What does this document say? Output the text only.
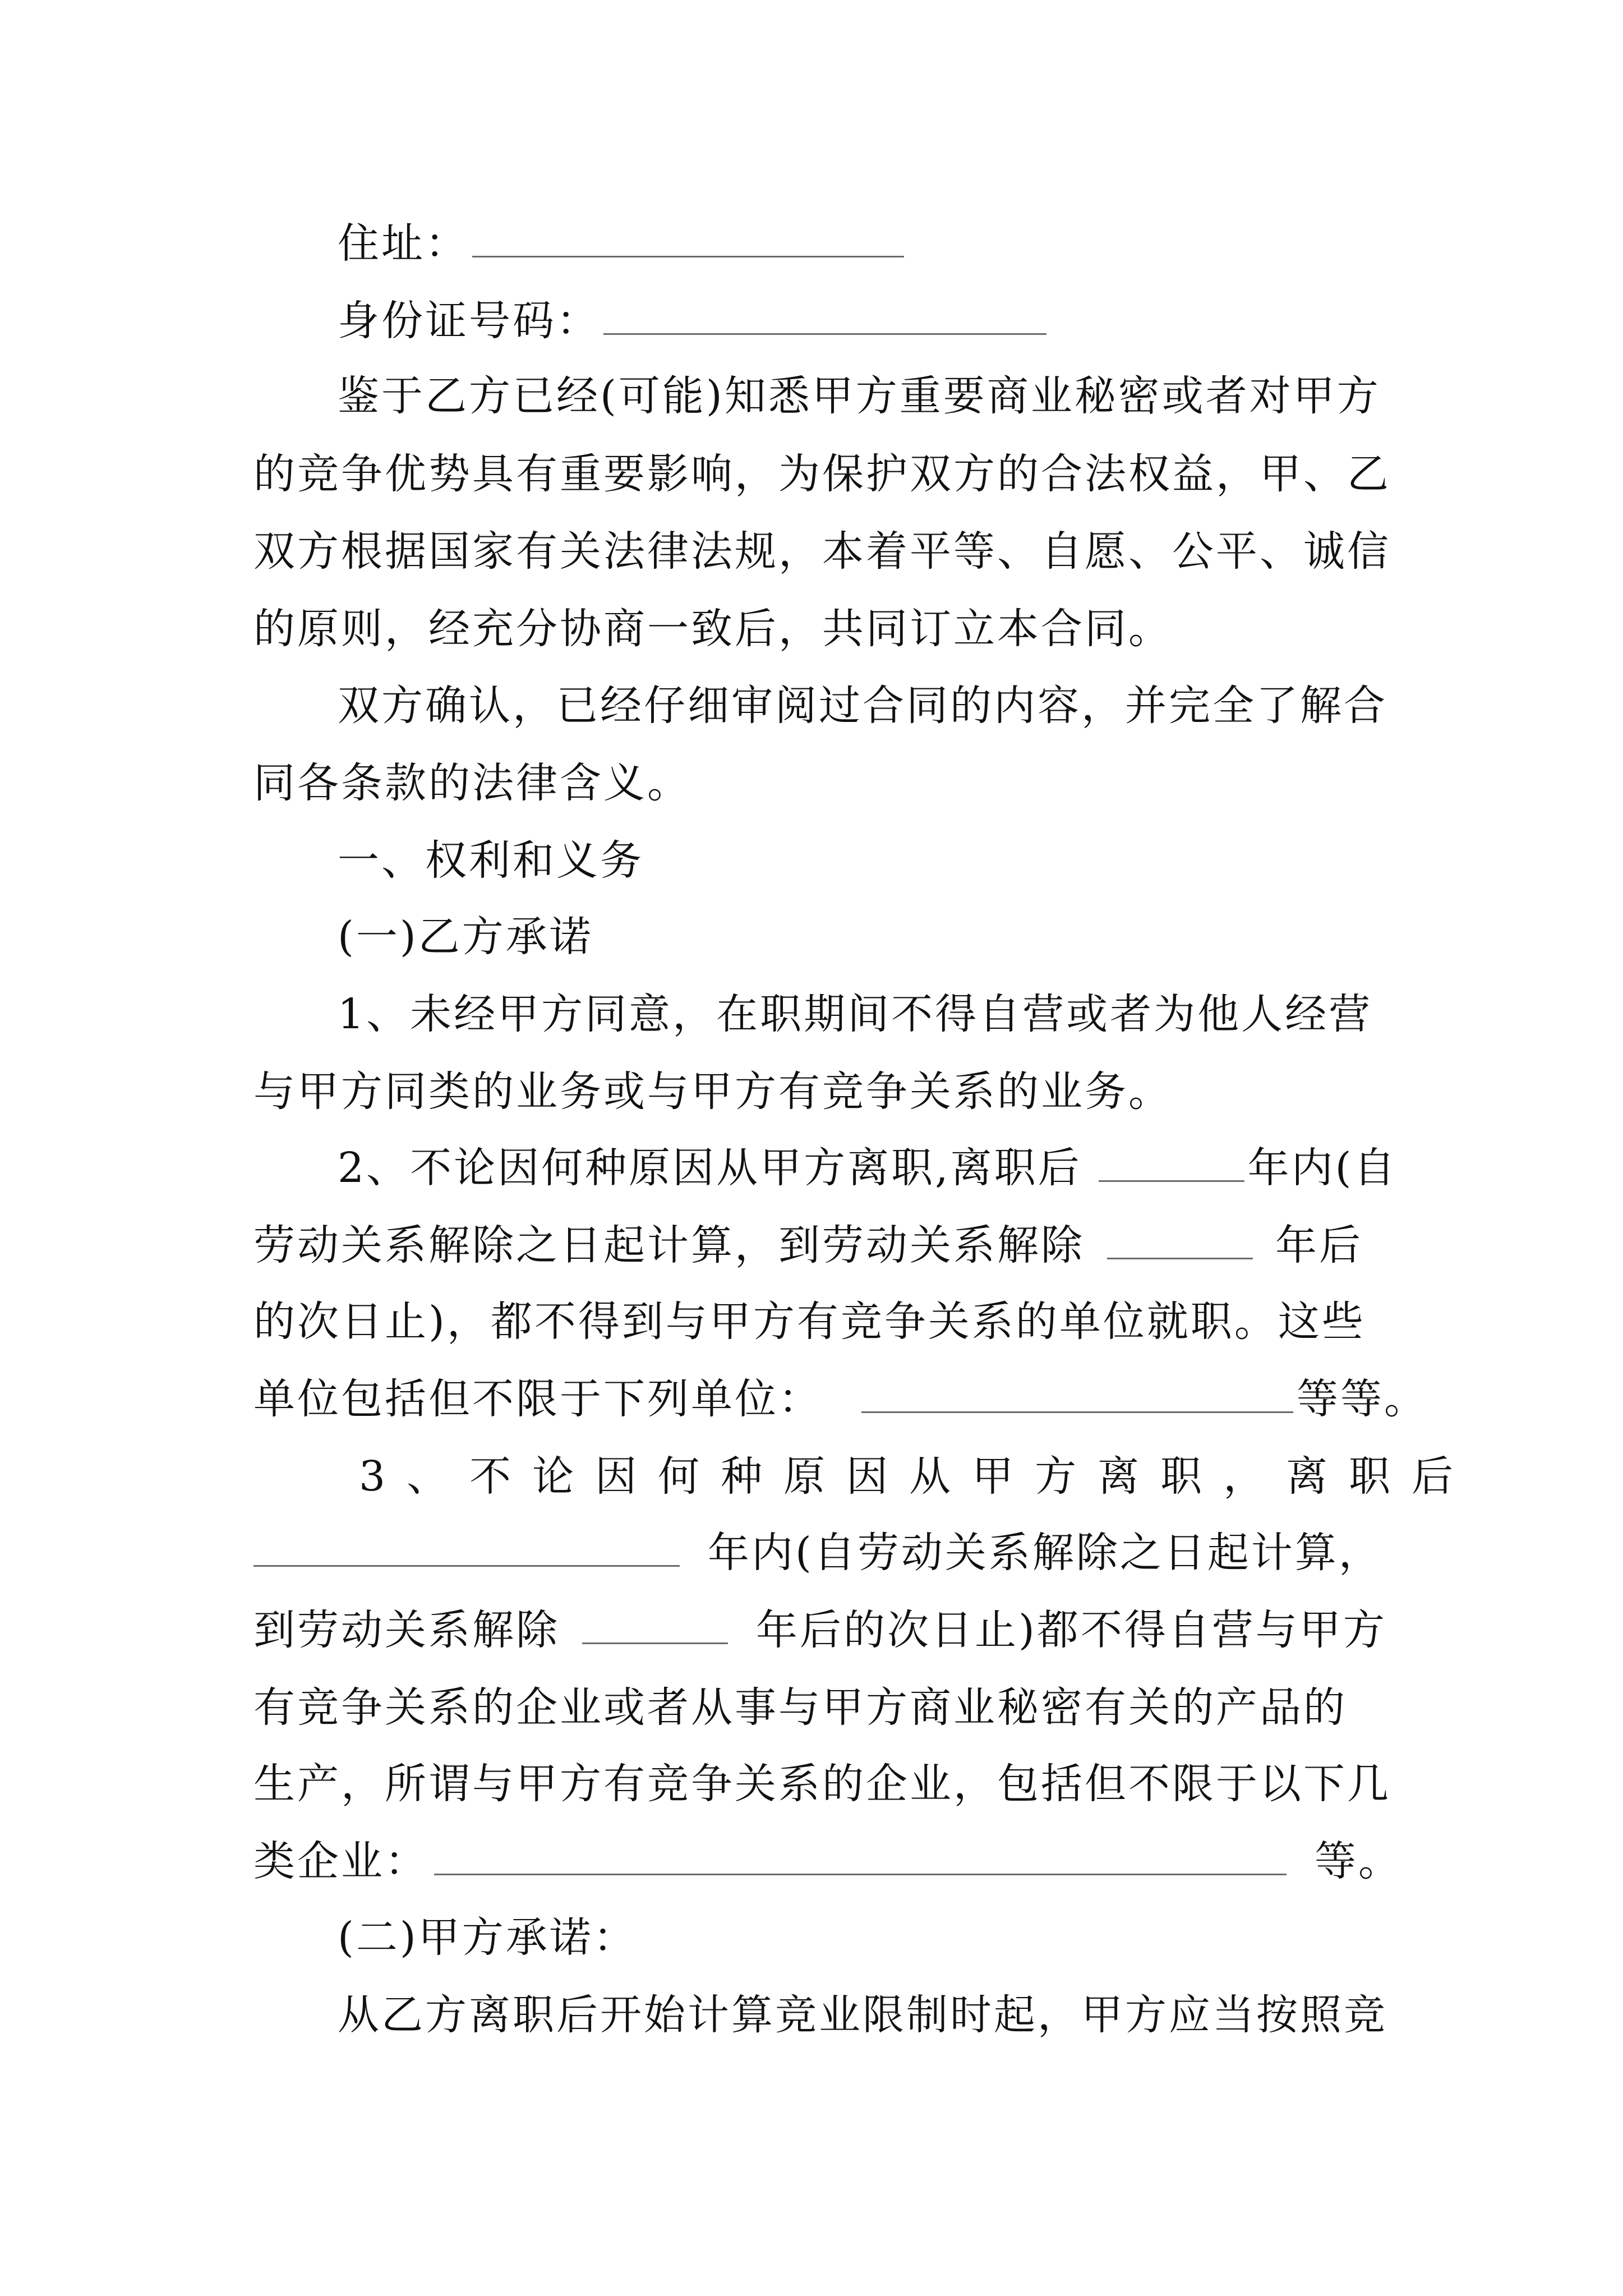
住址：
身份证号码：
鉴于乙方已经(可能)知悉甲方重要商业秘密或者对甲方
的竞争优势具有重要影响，为保护双方的合法权益，甲、乙
双方根据国家有关法律法规，本着平等、自愿、公平、诚信
的原则，经充分协商一致后，共同订立本合同。
双方确认，已经仔细审阅过合同的内容，并完全了解合
同各条款的法律含义。
一、权利和义务
(一)乙方承诺
1、未经甲方同意，在职期间不得自营或者为他人经营
与甲方同类的业务或与甲方有竞争关系的业务。
2、不论因何种原因从甲方离职,离职后	年内(自
劳动关系解除之日起计算，到劳动关系解除	年后
的次日止)，都不得到与甲方有竞争关系的单位就职。这些
单位包括但不限于下列单位：	等等。
3、不论因何种原因从甲方离职，离职后
年内(自劳动关系解除之日起计算，
到劳动关系解除	年后的次日止)都不得自营与甲方
有竞争关系的企业或者从事与甲方商业秘密有关的产品的
生产，所谓与甲方有竞争关系的企业，包括但不限于以下几
类企业：	等。
(二)甲方承诺：
从乙方离职后开始计算竞业限制时起，甲方应当按照竞
